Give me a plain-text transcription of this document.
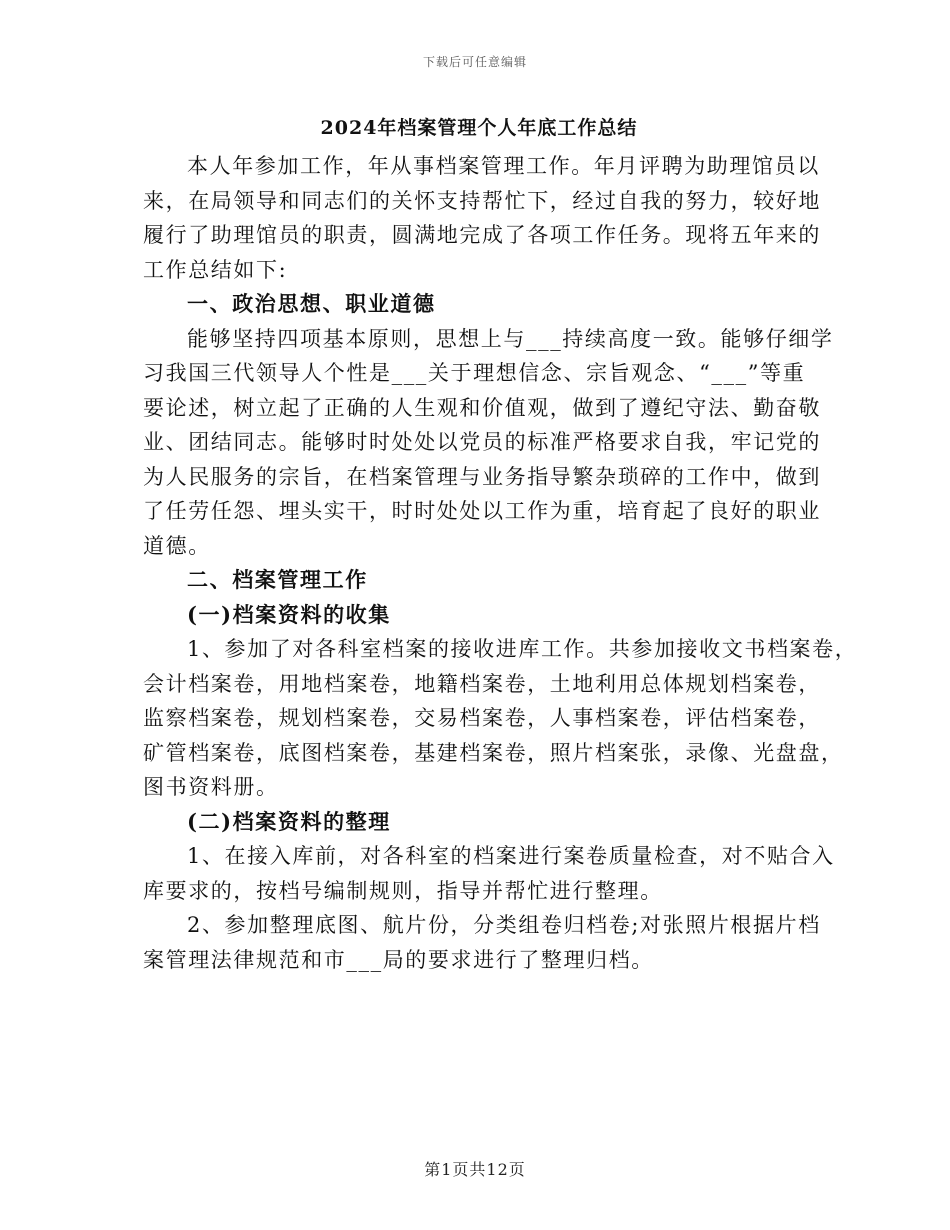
下载后可任意编辑
2024年档案管理个人年底工作总结
本人年参加工作，年从事档案管理工作。年月评聘为助理馆员以
来，在局领导和同志们的关怀支持帮忙下，经过自我的努力，较好地
履行了助理馆员的职责，圆满地完成了各项工作任务。现将五年来的
工作总结如下:
一、政治思想、职业道德
能够坚持四项基本原则，思想上与___持续高度一致。能够仔细学
习我国三代领导人个性是___关于理想信念、宗旨观念、“___”等重
要论述，树立起了正确的人生观和价值观，做到了遵纪守法、勤奋敬
业、团结同志。能够时时处处以党员的标准严格要求自我，牢记党的
为人民服务的宗旨，在档案管理与业务指导繁杂琐碎的工作中，做到
了任劳任怨、埋头实干，时时处处以工作为重，培育起了良好的职业
道德。
二、档案管理工作
(一)档案资料的收集
1、参加了对各科室档案的接收进库工作。共参加接收文书档案卷，
会计档案卷，用地档案卷，地籍档案卷，土地利用总体规划档案卷，
监察档案卷，规划档案卷，交易档案卷，人事档案卷，评估档案卷，
矿管档案卷，底图档案卷，基建档案卷，照片档案张，录像、光盘盘，
图书资料册。
(二)档案资料的整理
1、在接入库前，对各科室的档案进行案卷质量检查，对不贴合入
库要求的，按档号编制规则，指导并帮忙进行整理。
2、参加整理底图、航片份，分类组卷归档卷;对张照片根据片档
案管理法律规范和市___局的要求进行了整理归档。
第1页共12页
